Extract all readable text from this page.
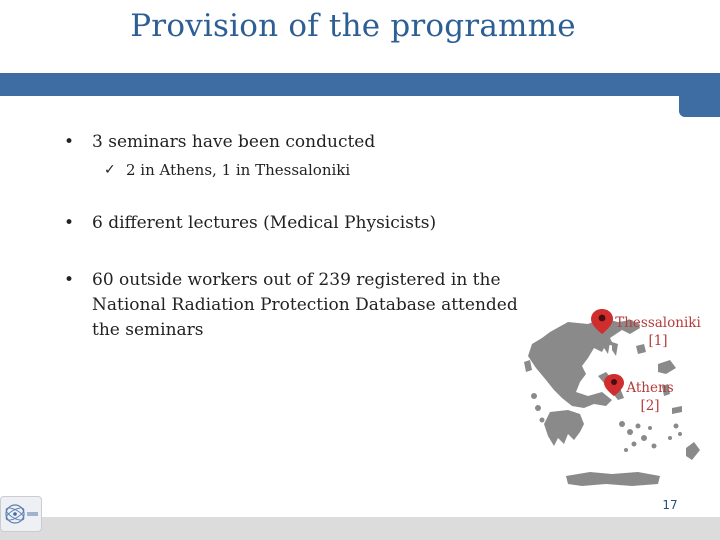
Provision of the programme
• 3 seminars have been conducted
✓ 2 in Athens, 1 in Thessaloniki
• 6 different lectures (Medical Physicists)
• 60 outside workers out of 239 registered in the
National Radiation Protection Database attended
the seminars	Thessaloniki
[1]
Athens
[2]
17
